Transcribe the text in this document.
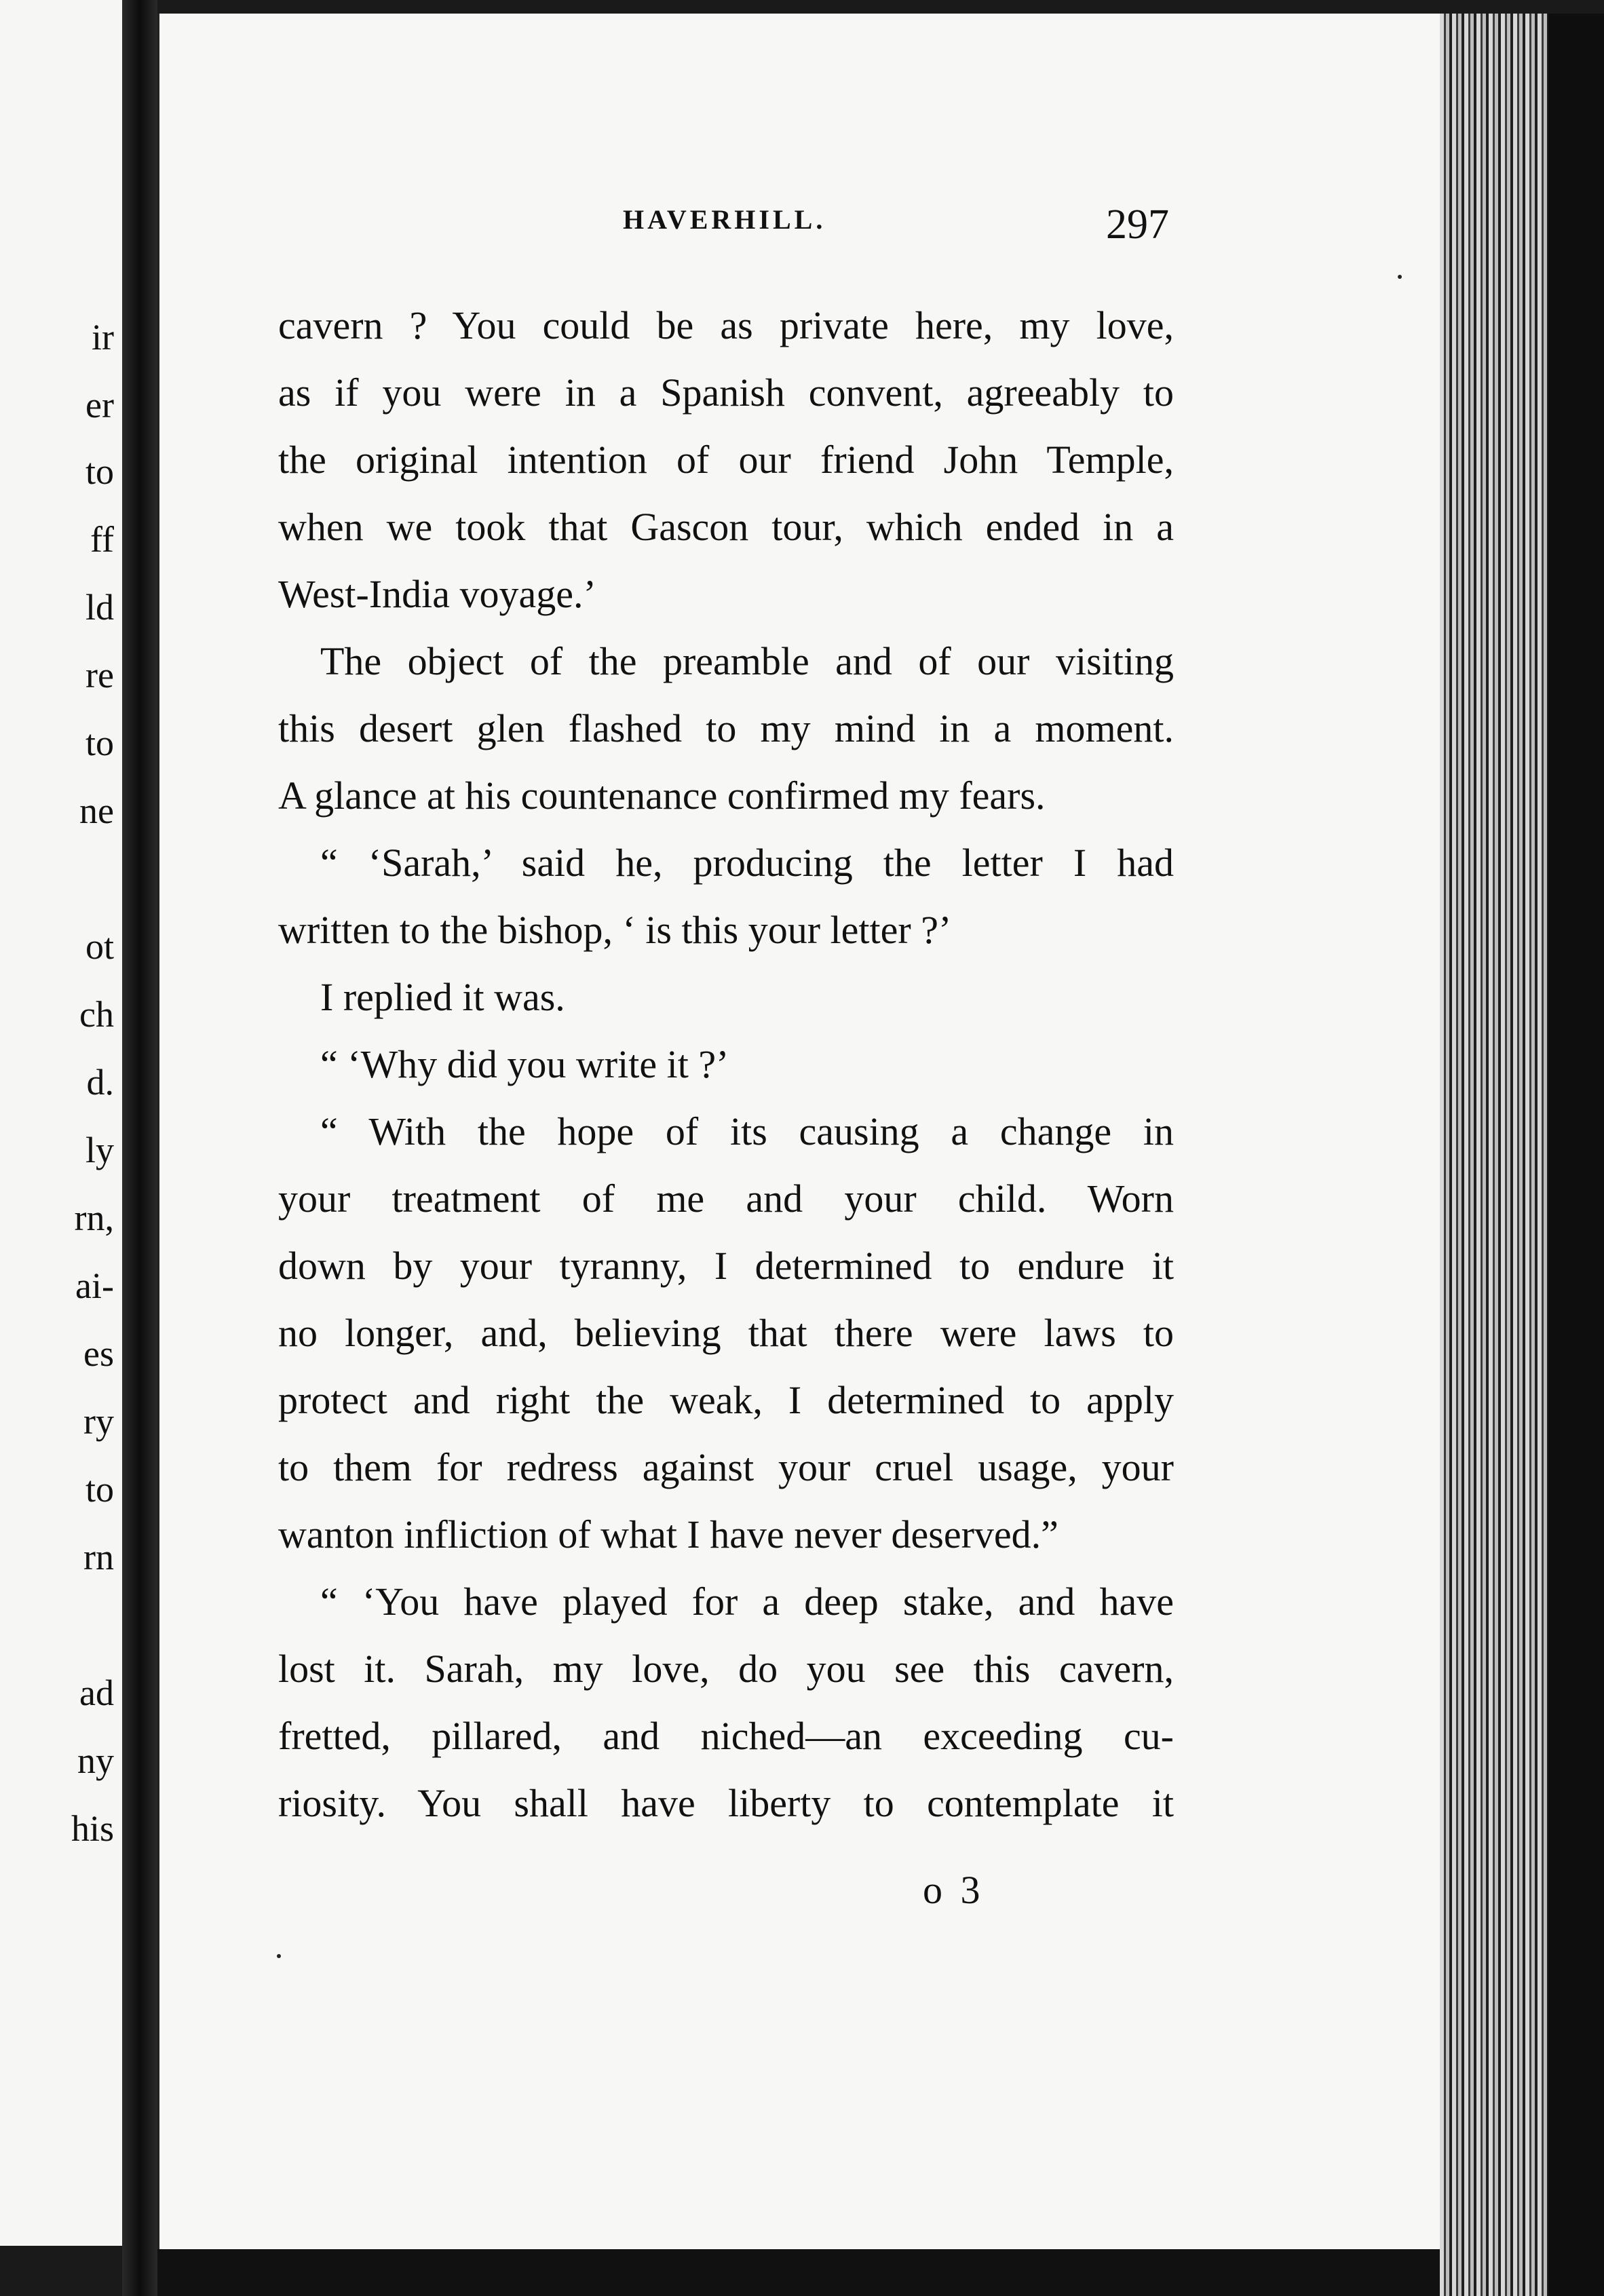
ir
er
to
ff
ld
re
to
ne
ot
ch
d.
ly
rn,
ai-
es
ry
to
rn
ad
ny
his
HAVERHILL.	297
cavern ? You could be as private here, my love,
as if you were in a Spanish convent, agreeably to
the original intention of our friend John Temple,
when we took that Gascon tour, which ended in a
West-India voyage.’
The object of the preamble and of our visiting
this desert glen flashed to my mind in a moment.
A glance at his countenance confirmed my fears.
“ ‘Sarah,’ said he, producing the letter I had
written to the bishop, ‘ is this your letter ?’
I replied it was.
“ ‘Why did you write it ?’
“ With the hope of its causing a change in
your treatment of me and your child. Worn
down by your tyranny, I determined to endure it
no longer, and, believing that there were laws to
protect and right the weak, I determined to apply
to them for redress against your cruel usage, your
wanton infliction of what I have never deserved.”
“ ‘You have played for a deep stake, and have
lost it. Sarah, my love, do you see this cavern,
fretted, pillared, and niched—an exceeding cu-
riosity. You shall have liberty to contemplate it
o 3
